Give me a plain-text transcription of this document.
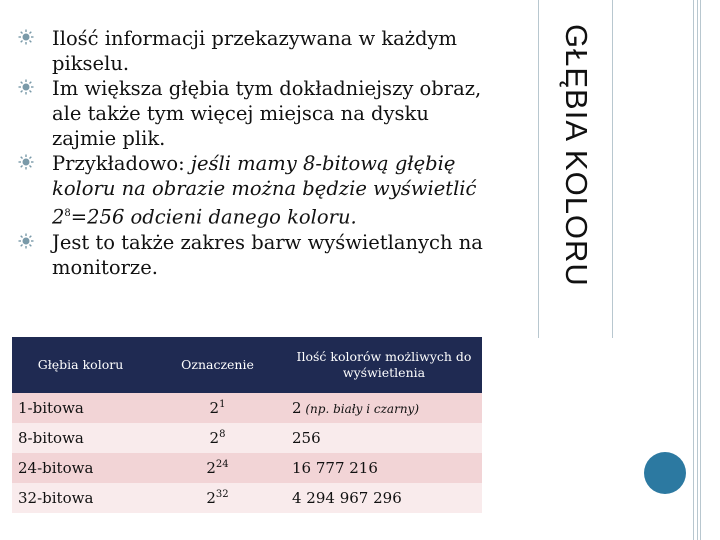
Ilość informacji przekazywana w każdym pikselu.
Im większa głębia tym dokładniejszy obraz, ale także tym więcej miejsca na dysku zajmie plik.
Przykładowo: jeśli mamy 8-bitową głębię koloru na obrazie można będzie wyświetlić $2^8=256$ odcieni danego koloru.
Jest to także zakres barw wyświetlanych na monitorze.	GŁĘBIA KOLORU
Głębia koloru	Oznaczenie	Ilość kolorów możliwych do wyświetlenia
1-bitowa	$2^1$	2 (np. biały i czarny)
8-bitowa	$2^8$	256
24-bitowa	$2^{24}$	16 777 216
32-bitowa	$2^{32}$	4 294 967 296
